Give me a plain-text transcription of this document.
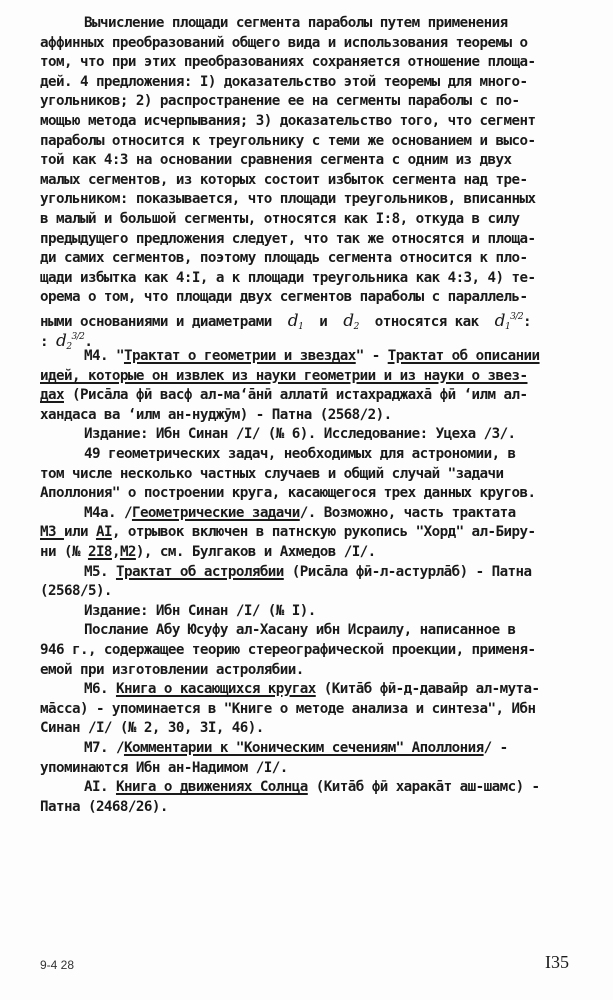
Вычисление площади сегмента параболы путем применения
аффинных преобразований общего вида и использования теоремы о
том, что при этих преобразованиях сохраняется отношение площа-
дей. 4 предложения: I) доказательство этой теоремы для много-
угольников; 2) распространение ее на сегменты параболы с по-
мощью метода исчерпывания; 3) доказательство того, что сегмент
параболы относится к треугольнику с теми же основанием и высо-
той как 4:3 на основании сравнения сегмента с одним из двух
малых сегментов, из которых состоит избыток сегмента над тре-
угольником: показывается, что площади треугольников, вписанных
в малый и большой сегменты, относятся как I:8, откуда в силу
предыдущего предложения следует, что так же относятся и площа-
ди самих сегментов, поэтому площадь сегмента относится к пло-
щади избытка как 4:I, а к площади треугольника как 4:3, 4) те-
орема о том, что площади двух сегментов параболы с параллель-
ными основаниями и диаметрами  $d_1$  и  $d_2$  относятся как  $d_1^{3/2}$:
: $d_2^{3/2}$.
М4. "Трактат о геометрии и звездах" - Трактат об описании
идей, которые он извлек из науки геометрии и из науки о звез-
дах (Рисāла фӣ васф ал-ма‘āнӣ аллатӣ истахраджахā фӣ ‘илм ал-
хандаса ва ‘илм ан-нуджӯм) - Патна (2568/2).
Издание: Ибн Синан /I/ (№ 6). Исследование: Уцеха /3/.
49 геометрических задач, необходимых для астрономии, в
том числе несколько частных случаев и общий случай "задачи
Аполлония" о построении круга, касающегося трех данных кругов.
М4а. /Геометрические задачи/. Возможно, часть трактата
М3 или АI, отрывок включен в патнскую рукопись "Хорд" ал-Биру-
ни (№ 2I8,М2), см. Булгаков и Ахмедов /I/.
М5. Трактат об астролябии (Рисāла фӣ-л-астурлāб) - Патна
(2568/5).
Издание: Ибн Синан /I/ (№ I).
Послание Абу Юсуфу ал-Хасану ибн Исраилу, написанное в
946 г., содержащее теорию стереографической проекции, применя-
емой при изготовлении астролябии.
М6. Книга о касающихся кругах (Китāб фӣ-д-даваӣр ал-мута-
мāсса) - упоминается в "Книге о методе анализа и синтеза", Ибн
Синан /I/ (№ 2, 30, 3I, 46).
М7. /Комментарии к "Коническим сечениям" Аполлония/ -
упоминаются Ибн ан-Надимом /I/.
АI. Книга о движениях Солнца (Китāб фӣ харакāт аш-шамс) -
Патна (2468/26).
9-4 28	I35
